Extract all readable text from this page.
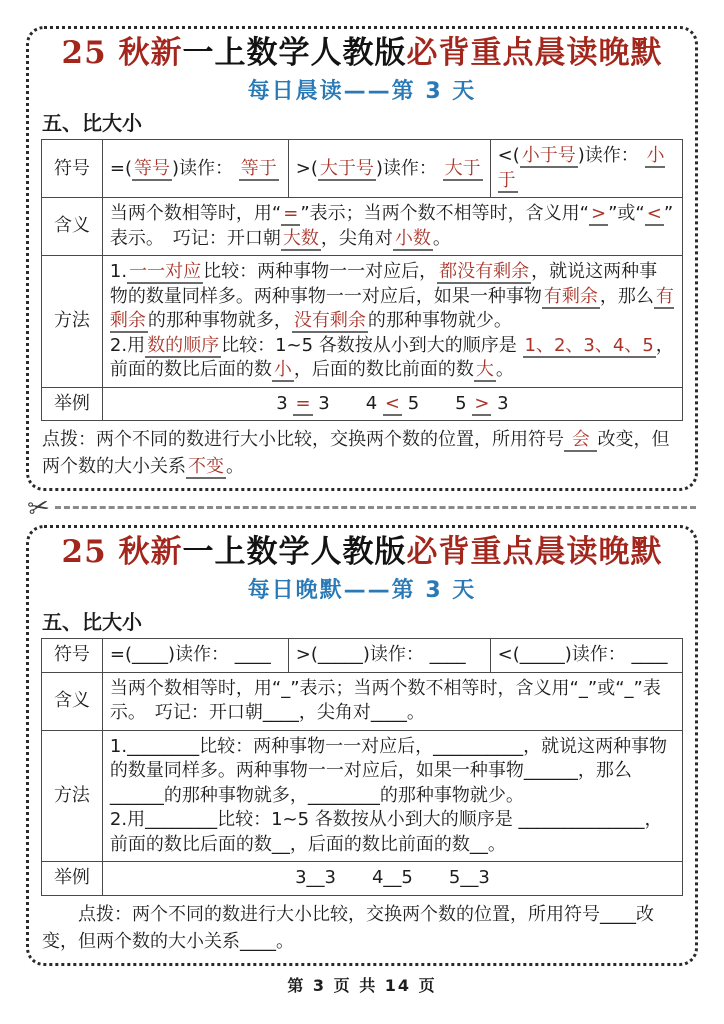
25 秋新一上数学人教版必背重点晨读晚默
每日晨读——第 3 天
五、比大小
符号	=( 等号 )读作： 等于	>( 大于号 )读作： 大于	<( 小于号 )读作： 小于
含义	当两个数相等时，用“ = ”表示；当两个数不相等时，含义用“ > ”或“ < ”表示。　巧记：开口朝 大数 ，尖角对 小数 。		
方法	1. 一一对应 比较：两种事物一一对应后， 都没有剩余 ，就说这两种事物的数量同样多。两种事物一一对应后，如果一种事物 有剩余 ，那么 有剩余 的那种事物就多， 没有剩余 的那种事物就少。

2.用 数的顺序 比较：1~5 各数按从小到大的顺序是 1、2、3、4、5 ，前面的数比后面的数 小 ，后面的数比前面的数 大 。		

举例	3 = 3　　4 < 5　　5 > 3		

点拨：两个不同的数进行大小比较，交换两个数的位置，所用符号 会 改变，但两个数的大小关系 不变 。

✂
25 秋新一上数学人教版必背重点晨读晚默
每日晚默——第 3 天
五、比大小
符号	=(____)读作： ____	>(_____)读作： ____	<(_____)读作： ____
含义	当两个数相等时，用“_”表示；当两个数不相等时，含义用“_”或“_”表示。　巧记：开口朝____，尖角对____。		
方法	1.________比较：两种事物一一对应后，__________，就说这两种事物的数量同样多。两种事物一一对应后，如果一种事物______，那么______的那种事物就多，________的那种事物就少。

2.用________比较：1~5 各数按从小到大的顺序是 ______________，前面的数比后面的数__，后面的数比前面的数__。		

举例	3__3　　4__5　　5__3		

　　点拨：两个不同的数进行大小比较，交换两个数的位置，所用符号____改变，但两个数的大小关系____。

第 3 页 共 14 页
